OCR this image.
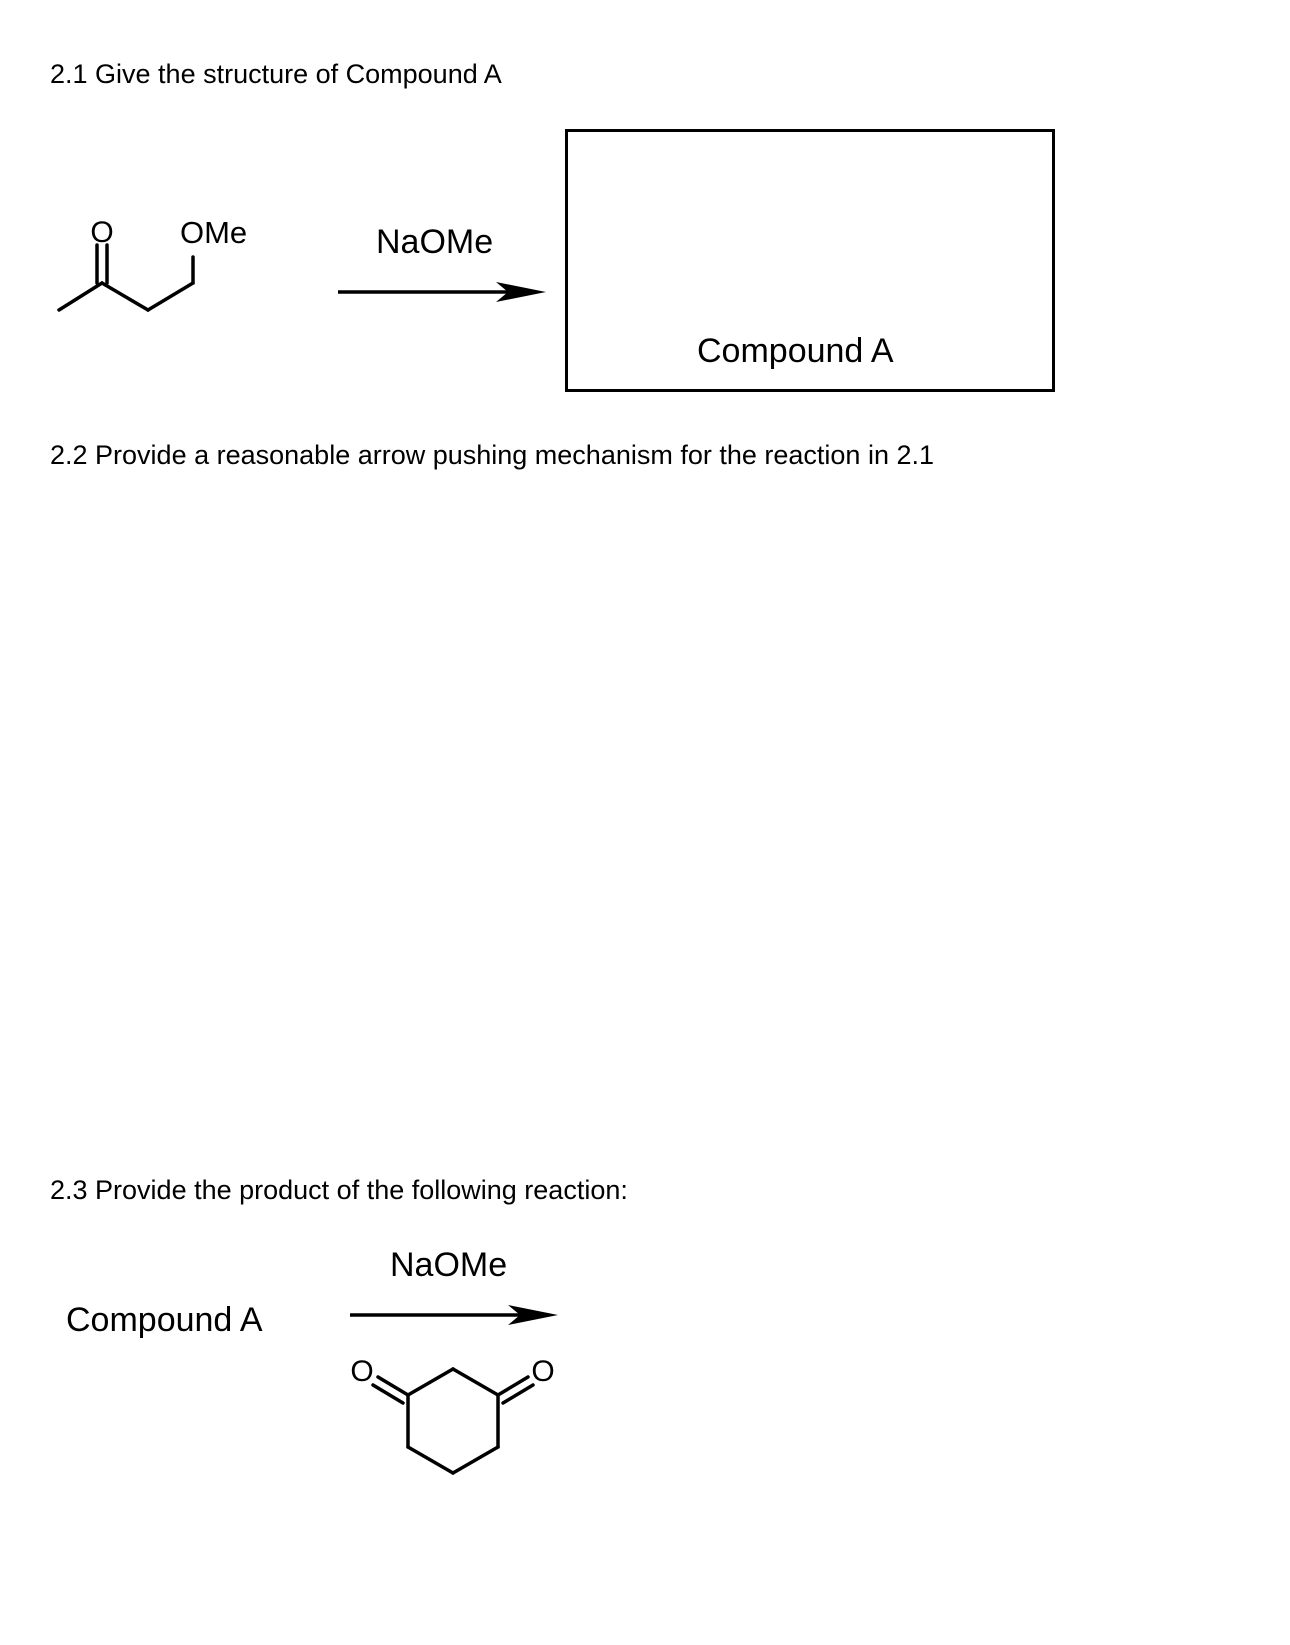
2.1 Give the structure of Compound A
2.2 Provide a reasonable arrow pushing mechanism for the reaction in 2.1
2.3 Provide the product of the following reaction:
NaOMe
Compound A
NaOMe
Compound A
O OMe
O	O
